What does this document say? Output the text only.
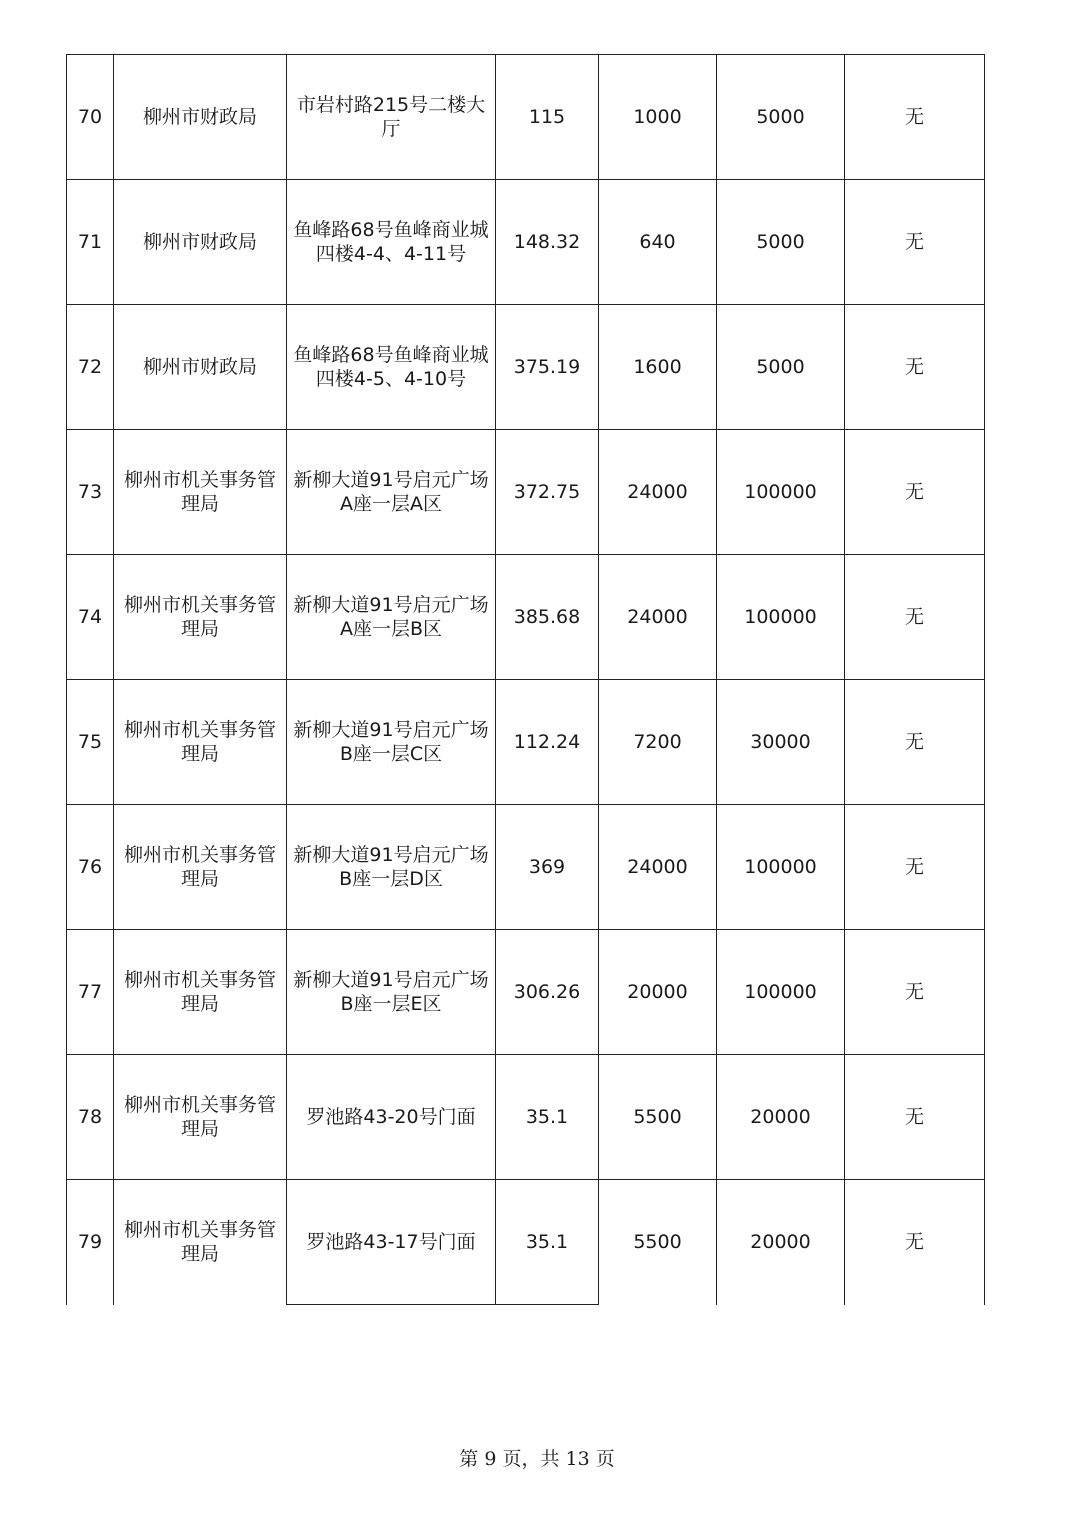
70	柳州市财政局	市岩村路215号二楼大厅	115	1000	5000	无
71	柳州市财政局	鱼峰路68号鱼峰商业城四楼4-4、4-11号	148.32	640	5000	无
72	柳州市财政局	鱼峰路68号鱼峰商业城四楼4-5、4-10号	375.19	1600	5000	无
73	柳州市机关事务管理局	新柳大道91号启元广场A座一层A区	372.75	24000	100000	无
74	柳州市机关事务管理局	新柳大道91号启元广场A座一层B区	385.68	24000	100000	无
75	柳州市机关事务管理局	新柳大道91号启元广场B座一层C区	112.24	7200	30000	无
76	柳州市机关事务管理局	新柳大道91号启元广场B座一层D区	369	24000	100000	无
77	柳州市机关事务管理局	新柳大道91号启元广场B座一层E区	306.26	20000	100000	无
78	柳州市机关事务管理局	罗池路43-20号门面	35.1	5500	20000	无
79	柳州市机关事务管理局	罗池路43-17号门面	35.1	5500	20000	无
第 9 页，共 13 页
